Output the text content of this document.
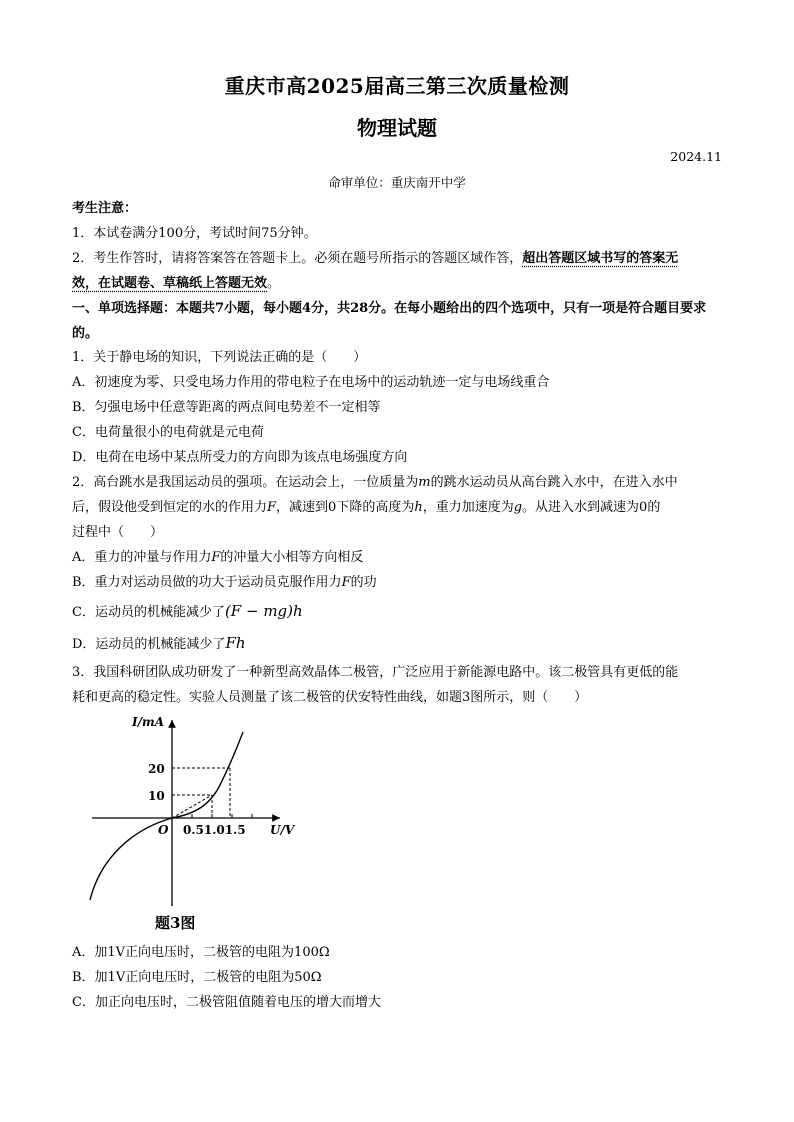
重庆市高2025届高三第三次质量检测
物理试题
2024.11
命审单位：重庆南开中学

考生注意：

1．本试卷满分100分，考试时间75分钟。

2．考生作答时，请将答案答在答题卡上。必须在题号所指示的答题区域作答，超出答题区域书写的答案无

效，在试题卷、草稿纸上答题无效。

一、单项选择题：本题共7小题，每小题4分，共28分。在每小题给出的四个选项中，只有一项是符合题目要求的。

1．关于静电场的知识，下列说法正确的是（　　）

A．初速度为零、只受电场力作用的带电粒子在电场中的运动轨迹一定与电场线重合

B．匀强电场中任意等距离的两点间电势差不一定相等

C．电荷量很小的电荷就是元电荷

D．电荷在电场中某点所受力的方向即为该点电场强度方向

2．高台跳水是我国运动员的强项。在运动会上，一位质量为m的跳水运动员从高台跳入水中，在进入水中

后，假设他受到恒定的水的作用力F，减速到0下降的高度为h，重力加速度为g。从进入水到减速为0的

过程中（　　）

A．重力的冲量与作用力F的冲量大小相等方向相反

B．重力对运动员做的功大于运动员克服作用力F的功

C．运动员的机械能减少了(F − mg)h

D．运动员的机械能减少了Fh

3．我国科研团队成功研发了一种新型高效晶体二极管，广泛应用于新能源电路中。该二极管具有更低的能

耗和更高的稳定性。实验人员测量了该二极管的伏安特性曲线，如题3图所示，则（　　）

I/mA
20
10
O 0.51.01.5 U/V
题3图

A．加1V正向电压时，二极管的电阻为100Ω

B．加1V正向电压时，二极管的电阻为50Ω

C．加正向电压时，二极管阻值随着电压的增大而增大
